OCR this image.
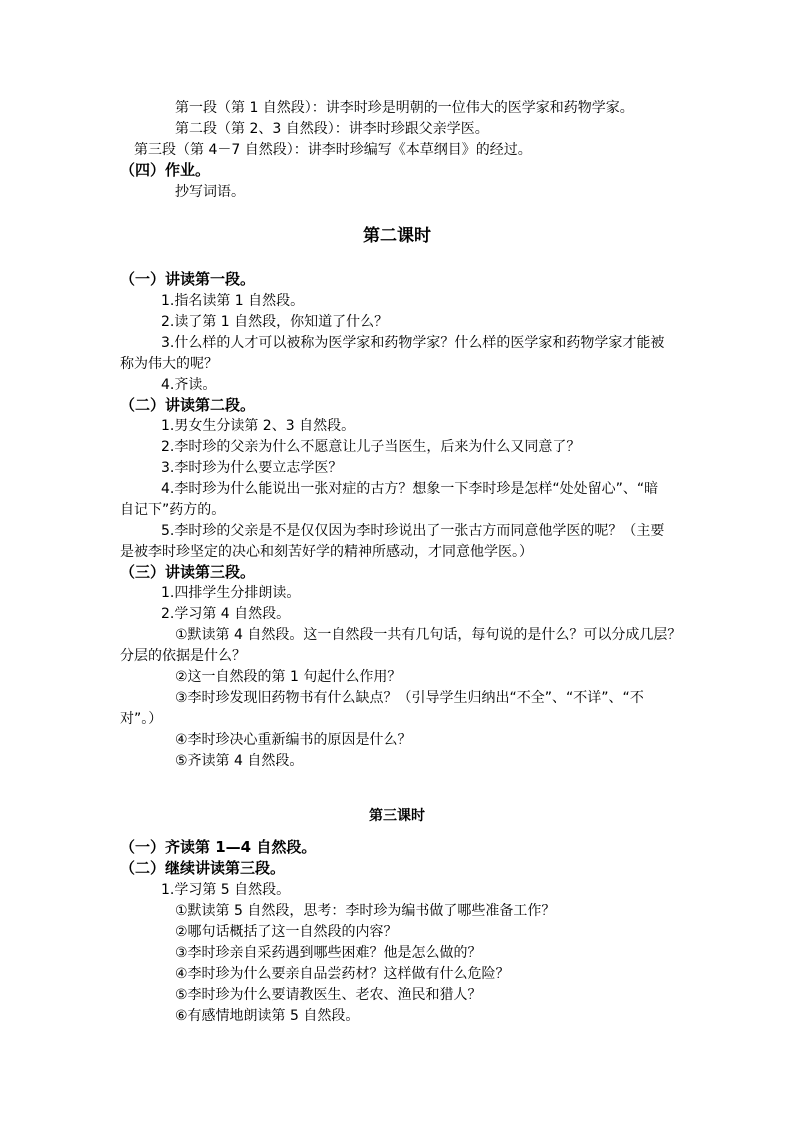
第一段（第 1 自然段）：讲李时珍是明朝的一位伟大的医学家和药物学家。
第二段（第 2、3 自然段）：讲李时珍跟父亲学医。
第三段（第 4－7 自然段）：讲李时珍编写《本草纲目》的经过。
（四）作业。
抄写词语。
第二课时
（一）讲读第一段。
1.指名读第 1 自然段。
2.读了第 1 自然段，你知道了什么？
3.什么样的人才可以被称为医学家和药物学家？什么样的医学家和药物学家才能被
称为伟大的呢？
4.齐读。
（二）讲读第二段。
1.男女生分读第 2、3 自然段。
2.李时珍的父亲为什么不愿意让儿子当医生，后来为什么又同意了？
3.李时珍为什么要立志学医？
4.李时珍为什么能说出一张对症的古方？想象一下李时珍是怎样“处处留心”、“暗
自记下”药方的。
5.李时珍的父亲是不是仅仅因为李时珍说出了一张古方而同意他学医的呢？（主要
是被李时珍坚定的决心和刻苦好学的精神所感动，才同意他学医。）
（三）讲读第三段。
1.四排学生分排朗读。
2.学习第 4 自然段。
①默读第 4 自然段。这一自然段一共有几句话，每句说的是什么？可以分成几层？
分层的依据是什么？
②这一自然段的第 1 句起什么作用？
③李时珍发现旧药物书有什么缺点？（引导学生归纳出“不全”、“不详”、“不
对”。）
④李时珍决心重新编书的原因是什么？
⑤齐读第 4 自然段。
第三课时
（一）齐读第 1—4 自然段。
（二）继续讲读第三段。
1.学习第 5 自然段。
①默读第 5 自然段，思考：李时珍为编书做了哪些准备工作？
②哪句话概括了这一自然段的内容？
③李时珍亲自采药遇到哪些困难？他是怎么做的？
④李时珍为什么要亲自品尝药材？这样做有什么危险？
⑤李时珍为什么要请教医生、老农、渔民和猎人？
⑥有感情地朗读第 5 自然段。
